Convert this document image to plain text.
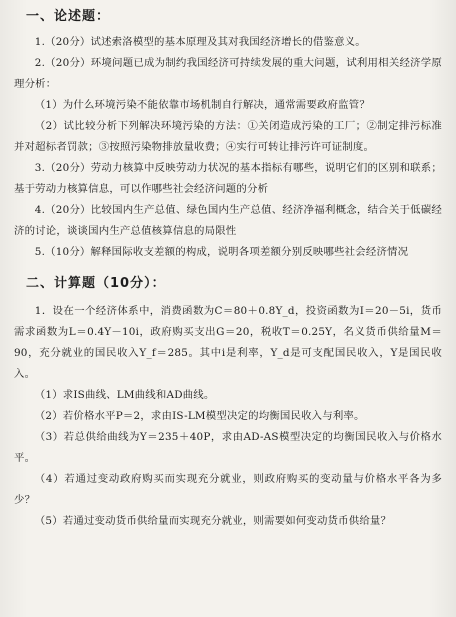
一、论述题：

1.（20分）试述索洛模型的基本原理及其对我国经济增长的借鉴意义。

2.（20分）环境问题已成为制约我国经济可持续发展的重大问题，试利用相关经济学原理分析：

（1）为什么环境污染不能依靠市场机制自行解决，通常需要政府监管？

（2）试比较分析下列解决环境污染的方法：①关闭造成污染的工厂；②制定排污标准并对超标者罚款；③按照污染物排放量收费；④实行可转让排污许可证制度。

3.（20分）劳动力核算中反映劳动力状况的基本指标有哪些，说明它们的区别和联系；基于劳动力核算信息，可以作哪些社会经济问题的分析

4.（20分）比较国内生产总值、绿色国内生产总值、经济净福利概念，结合关于低碳经济的讨论，谈谈国内生产总值核算信息的局限性

5.（10分）解释国际收支差额的构成，说明各项差额分别反映哪些社会经济情况

二、计算题（10分）：

1．设在一个经济体系中，消费函数为C＝80＋0.8Y_d，投资函数为I＝20－5i，货币需求函数为L＝0.4Y－10i，政府购买支出G＝20，税收T＝0.25Y，名义货币供给量M＝90，充分就业的国民收入Y_f＝285。其中i是利率，Y_d是可支配国民收入，Y是国民收入。

（1）求IS曲线、LM曲线和AD曲线。

（2）若价格水平P＝2，求由IS-LM模型决定的均衡国民收入与利率。

（3）若总供给曲线为Y＝235＋40P，求由AD-AS模型决定的均衡国民收入与价格水平。

（4）若通过变动政府购买而实现充分就业，则政府购买的变动量与价格水平各为多少？

（5）若通过变动货币供给量而实现充分就业，则需要如何变动货币供给量？
